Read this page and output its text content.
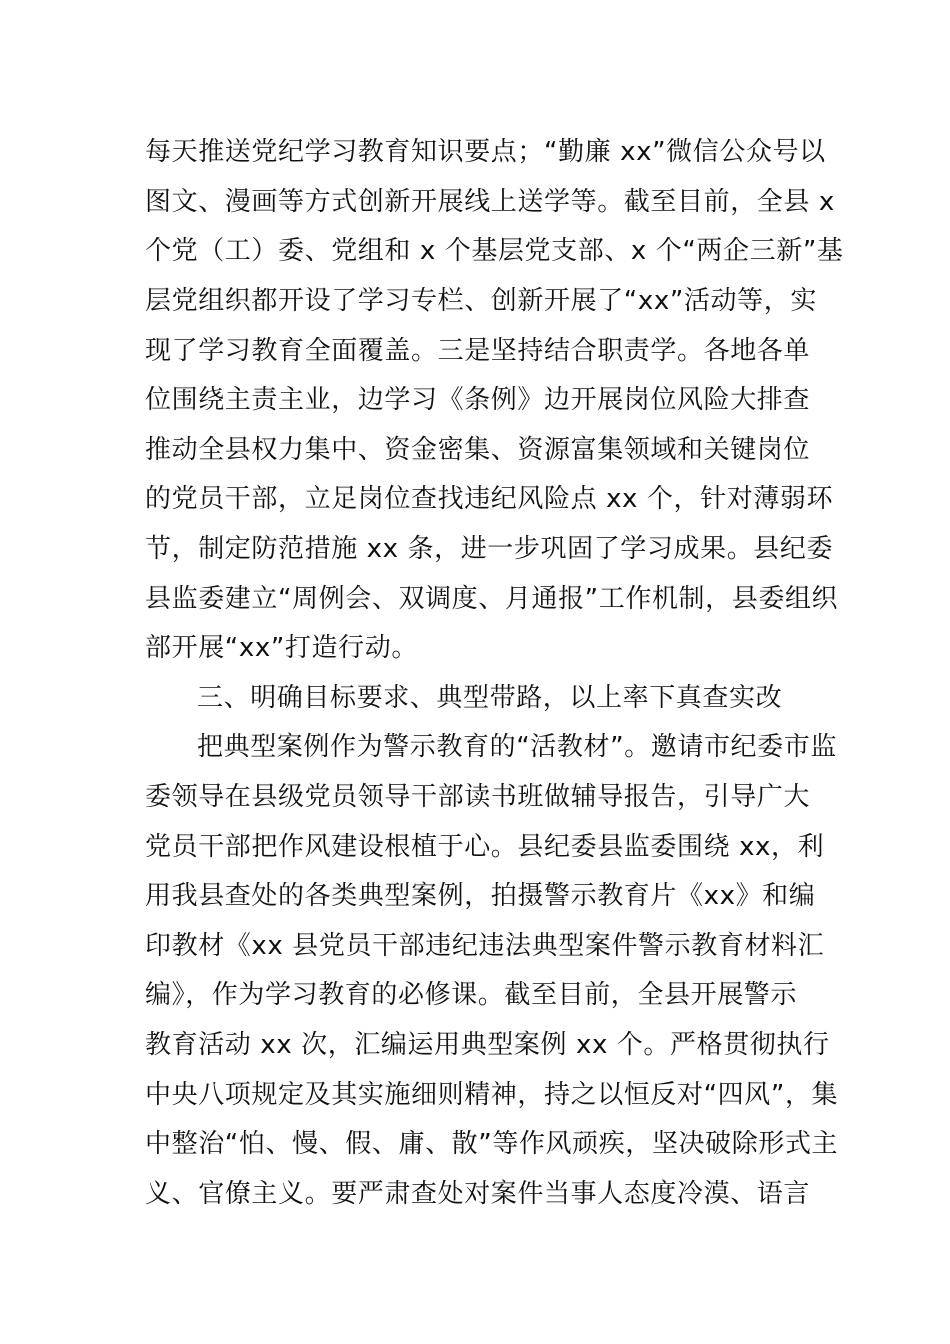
每天推送党纪学习教育知识要点；“勤廉 xx”微信公众号以
图文、漫画等方式创新开展线上送学等。截至目前，全县 x
个党（工）委、党组和 x 个基层党支部、x 个“两企三新”基
层党组织都开设了学习专栏、创新开展了“xx”活动等，实
现了学习教育全面覆盖。三是坚持结合职责学。各地各单
位围绕主责主业，边学习《条例》边开展岗位风险大排查
推动全县权力集中、资金密集、资源富集领域和关键岗位
的党员干部，立足岗位查找违纪风险点 xx 个，针对薄弱环
节，制定防范措施 xx 条，进一步巩固了学习成果。县纪委
县监委建立“周例会、双调度、月通报”工作机制，县委组织
部开展“xx”打造行动。
三、明确目标要求、典型带路，以上率下真查实改
把典型案例作为警示教育的“活教材”。邀请市纪委市监
委领导在县级党员领导干部读书班做辅导报告，引导广大
党员干部把作风建设根植于心。县纪委县监委围绕 xx，利
用我县查处的各类典型案例，拍摄警示教育片《xx》和编
印教材《xx 县党员干部违纪违法典型案件警示教育材料汇
编》，作为学习教育的必修课。截至目前，全县开展警示
教育活动 xx 次，汇编运用典型案例 xx 个。严格贯彻执行
中央八项规定及其实施细则精神，持之以恒反对“四风”，集
中整治“怕、慢、假、庸、散”等作风顽疾，坚决破除形式主
义、官僚主义。要严肃查处对案件当事人态度冷漠、语言
